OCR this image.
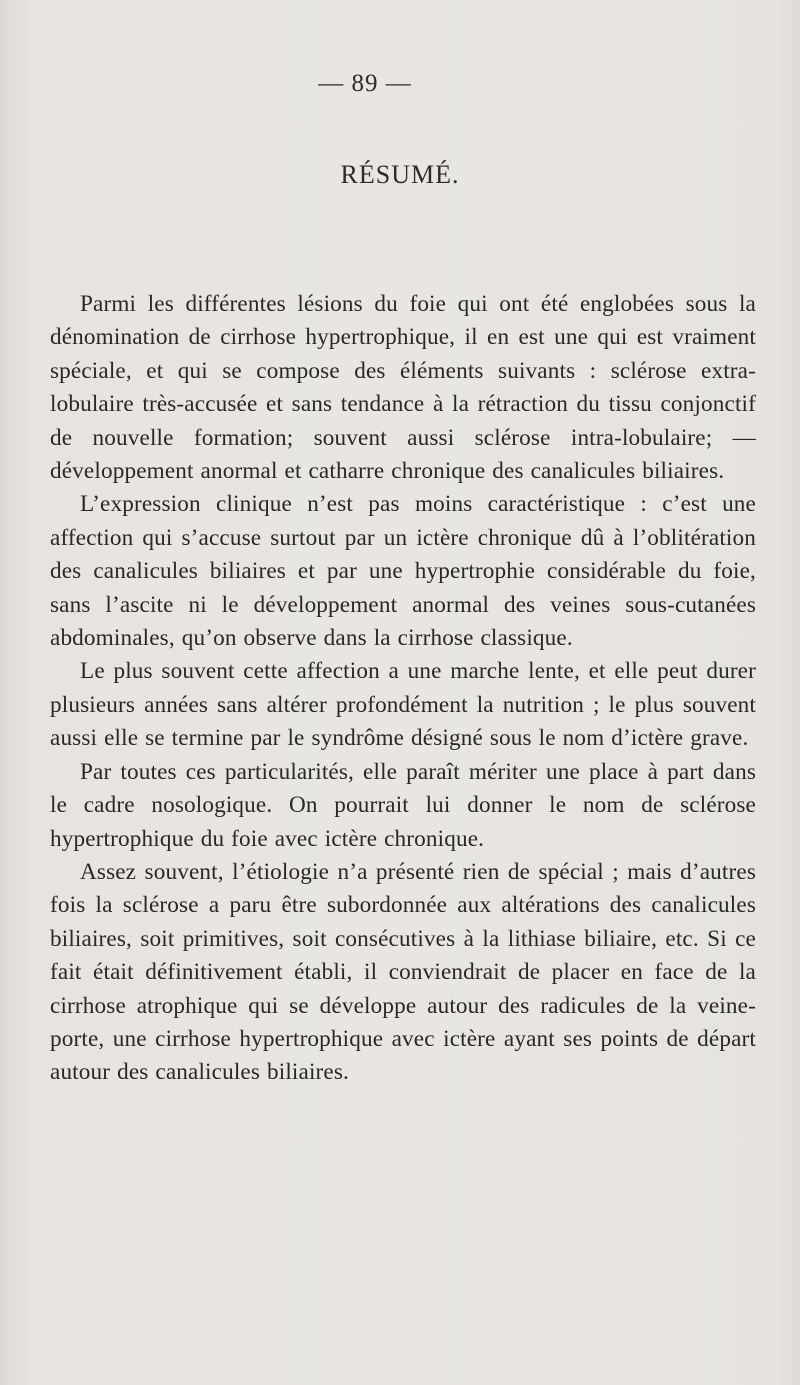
— 89 —
RÉSUMÉ.

Parmi les différentes lésions du foie qui ont été englobées sous la dénomination de cirrhose hypertrophique, il en est une qui est vraiment spéciale, et qui se compose des éléments suivants : sclérose extra-lobulaire très-accusée et sans tendance à la rétraction du tissu conjonctif de nouvelle formation; souvent aussi sclérose intra-lobulaire; — développement anormal et catharre chronique des canalicules biliaires.

L’expression clinique n’est pas moins caractéristique : c’est une affection qui s’accuse surtout par un ictère chronique dû à l’oblitération des canalicules biliaires et par une hypertrophie considérable du foie, sans l’ascite ni le développement anormal des veines sous-cutanées abdominales, qu’on observe dans la cirrhose classique.

Le plus souvent cette affection a une marche lente, et elle peut durer plusieurs années sans altérer profondément la nutrition ; le plus souvent aussi elle se termine par le syndrôme désigné sous le nom d’ictère grave.

Par toutes ces particularités, elle paraît mériter une place à part dans le cadre nosologique. On pourrait lui donner le nom de sclérose hypertrophique du foie avec ictère chronique.

Assez souvent, l’étiologie n’a présenté rien de spécial ; mais d’autres fois la sclérose a paru être subordonnée aux altérations des canalicules biliaires, soit primitives, soit consécutives à la lithiase biliaire, etc. Si ce fait était définitivement établi, il conviendrait de placer en face de la cirrhose atrophique qui se développe autour des radicules de la veine-porte, une cirrhose hypertrophique avec ictère ayant ses points de départ autour des canalicules biliaires.
